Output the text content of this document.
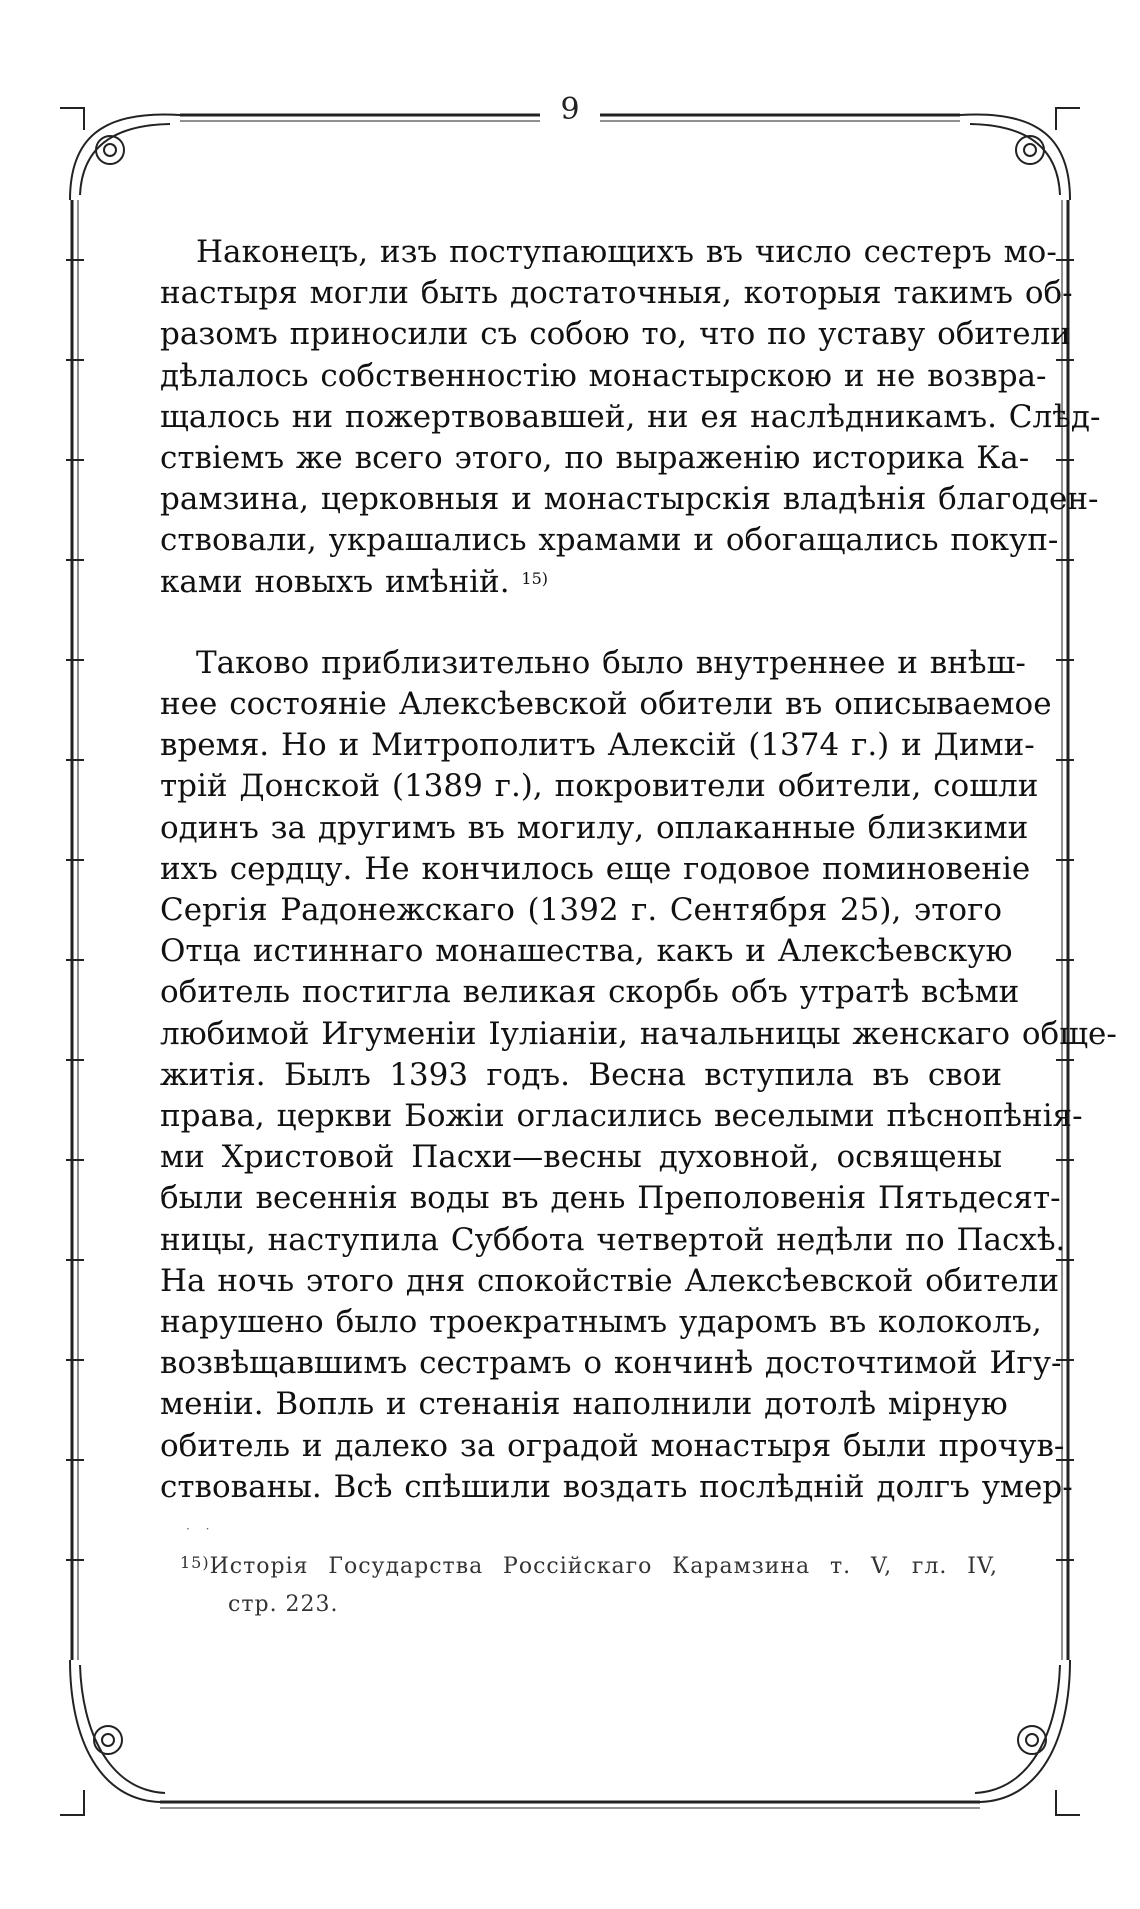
9

Наконецъ, изъ поступающихъ въ число сестеръ мо-
настыря могли быть достаточныя, которыя такимъ об-
разомъ приносили съ собою то, что по уставу обители
дѣлалось собственностію монастырскою и не возвра-
щалось ни пожертвовавшей, ни ея наслѣдникамъ. Слѣд-
ствіемъ же всего этого, по выраженію историка Ка-
рамзина, церковныя и монастырскія владѣнія благоден-
ствовали, украшались храмами и обогащались покуп-
ками новыхъ имѣній. $^{15)}$

Таково приблизительно было внутреннее и внѣш-
нее состояніе Алексѣевской обители въ описываемое
время. Но и Митрополитъ Алексій (1374 г.) и Дими-
трій Донской (1389 г.), покровители обители, сошли
одинъ за другимъ въ могилу, оплаканные близкими
ихъ сердцу. Не кончилось еще годовое поминовеніе
Сергія Радонежскаго (1392 г. Сентября 25), этого
Отца истиннаго монашества, какъ и Алексѣевскую
обитель постигла великая скорбь объ утратѣ всѣми
любимой Игуменіи Іуліаніи, начальницы женскаго обще-
житія. Былъ 1393 годъ. Весна вступила въ свои
права, церкви Божіи огласились веселыми пѣснопѣнія-
ми Христовой Пасхи—весны духовной, освящены
были весеннія воды въ день Преполовенія Пятьдесят-
ницы, наступила Суббота четвертой недѣли по Пасхѣ.
На ночь этого дня спокойствіе Алексѣевской обители
нарушено было троекратнымъ ударомъ въ колоколъ,
возвѣщавшимъ сестрамъ о кончинѣ досточтимой Игу-
меніи. Вопль и стенанія наполнили дотолѣ мірную
обитель и далеко за оградой монастыря были прочув-
ствованы. Всѣ спѣшили воздать послѣдній долгъ умер-

· ·
$^{15)}$Исторія Государства Россійскаго Карамзина т. V, гл. IV,
стр. 223.
